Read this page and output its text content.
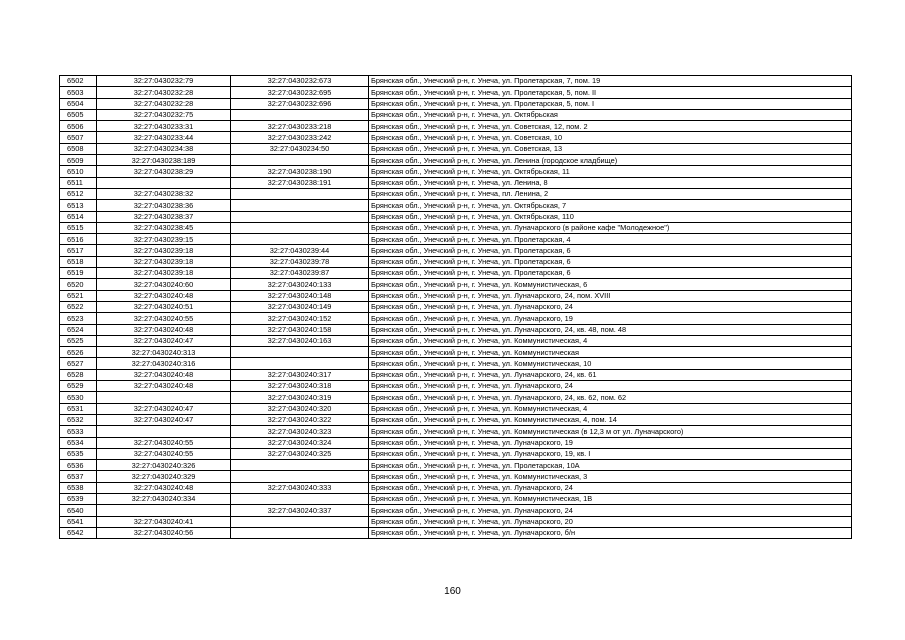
6502	32:27:0430232:79	32:27:0430232:673	Брянская обл., Унечский р-н, г. Унеча, ул. Пролетарская, 7, пом. 19
6503	32:27:0430232:28	32:27:0430232:695	Брянская обл., Унечский р-н, г. Унеча, ул. Пролетарская, 5, пом. II
6504	32:27:0430232:28	32:27:0430232:696	Брянская обл., Унечский р-н, г. Унеча, ул. Пролетарская, 5, пом. I
6505	32:27:0430232:75		Брянская обл., Унечский р-н, г. Унеча, ул. Октябрьская
6506	32:27:0430233:31	32:27:0430233:218	Брянская обл., Унечский р-н, г. Унеча, ул. Советская, 12, пом. 2
6507	32:27:0430233:44	32:27:0430233:242	Брянская обл., Унечский р-н, г. Унеча, ул. Советская, 10
6508	32:27:0430234:38	32:27:0430234:50	Брянская обл., Унечский р-н, г. Унеча, ул. Советская, 13
6509	32:27:0430238:189		Брянская обл., Унечский р-н, г. Унеча, ул. Ленина (городское кладбище)
6510	32:27:0430238:29	32:27:0430238:190	Брянская обл., Унечский р-н, г. Унеча, ул. Октябрьская, 11
6511		32:27:0430238:191	Брянская обл., Унечский р-н, г. Унеча, ул. Ленина, 8
6512	32:27:0430238:32		Брянская обл., Унечский р-н, г. Унеча, пл. Ленина, 2
6513	32:27:0430238:36		Брянская обл., Унечский р-н, г. Унеча, ул. Октябрьская, 7
6514	32:27:0430238:37		Брянская обл., Унечский р-н, г. Унеча, ул. Октябрьская, 110
6515	32:27:0430238:45		Брянская обл., Унечский р-н, г. Унеча, ул. Луначарского (в районе кафе "Молодежное")
6516	32:27:0430239:15		Брянская обл., Унечский р-н, г. Унеча, ул. Пролетарская, 4
6517	32:27:0430239:18	32:27:0430239:44	Брянская обл., Унечский р-н, г. Унеча, ул. Пролетарская, 6
6518	32:27:0430239:18	32:27:0430239:78	Брянская обл., Унечский р-н, г. Унеча, ул. Пролетарская, 6
6519	32:27:0430239:18	32:27:0430239:87	Брянская обл., Унечский р-н, г. Унеча, ул. Пролетарская, 6
6520	32:27:0430240:60	32:27:0430240:133	Брянская обл., Унечский р-н, г. Унеча, ул. Коммунистическая, 6
6521	32:27:0430240:48	32:27:0430240:148	Брянская обл., Унечский р-н, г. Унеча, ул. Луначарского, 24, пом. XVIII
6522	32:27:0430240:51	32:27:0430240:149	Брянская обл., Унечский р-н, г. Унеча, ул. Луначарского, 24
6523	32:27:0430240:55	32:27:0430240:152	Брянская обл., Унечский р-н, г. Унеча, ул. Луначарского, 19
6524	32:27:0430240:48	32:27:0430240:158	Брянская обл., Унечский р-н, г. Унеча, ул. Луначарского, 24, кв. 48, пом. 48
6525	32:27:0430240:47	32:27:0430240:163	Брянская обл., Унечский р-н, г. Унеча, ул. Коммунистическая, 4
6526	32:27:0430240:313		Брянская обл., Унечский р-н, г. Унеча, ул. Коммунистическая
6527	32:27:0430240:316		Брянская обл., Унечский р-н, г. Унеча, ул. Коммунистическая, 10
6528	32:27:0430240:48	32:27:0430240:317	Брянская обл., Унечский р-н, г. Унеча, ул. Луначарского, 24, кв. 61
6529	32:27:0430240:48	32:27:0430240:318	Брянская обл., Унечский р-н, г. Унеча, ул. Луначарского, 24
6530		32:27:0430240:319	Брянская обл., Унечский р-н, г. Унеча, ул. Луначарского, 24, кв. 62, пом. 62
6531	32:27:0430240:47	32:27:0430240:320	Брянская обл., Унечский р-н, г. Унеча, ул. Коммунистическая, 4
6532	32:27:0430240:47	32:27:0430240:322	Брянская обл., Унечский р-н, г. Унеча, ул. Коммунистическая, 4, пом. 14
6533		32:27:0430240:323	Брянская обл., Унечский р-н, г. Унеча, ул. Коммунистическая (в 12,3 м от ул. Луначарского)
6534	32:27:0430240:55	32:27:0430240:324	Брянская обл., Унечский р-н, г. Унеча, ул. Луначарского, 19
6535	32:27:0430240:55	32:27:0430240:325	Брянская обл., Унечский р-н, г. Унеча, ул. Луначарского, 19, кв. I
6536	32:27:0430240:326		Брянская обл., Унечский р-н, г. Унеча, ул. Пролетарская, 10А
6537	32:27:0430240:329		Брянская обл., Унечский р-н, г. Унеча, ул. Коммунистическая, 3
6538	32:27:0430240:48	32:27:0430240:333	Брянская обл., Унечский р-н, г. Унеча, ул. Луначарского, 24
6539	32:27:0430240:334		Брянская обл., Унечский р-н, г. Унеча, ул. Коммунистическая, 1В
6540		32:27:0430240:337	Брянская обл., Унечский р-н, г. Унеча, ул. Луначарского, 24
6541	32:27:0430240:41		Брянская обл., Унечский р-н, г. Унеча, ул. Луначарского, 20
6542	32:27:0430240:56		Брянская обл., Унечский р-н, г. Унеча, ул. Луначарского, б/н
160
